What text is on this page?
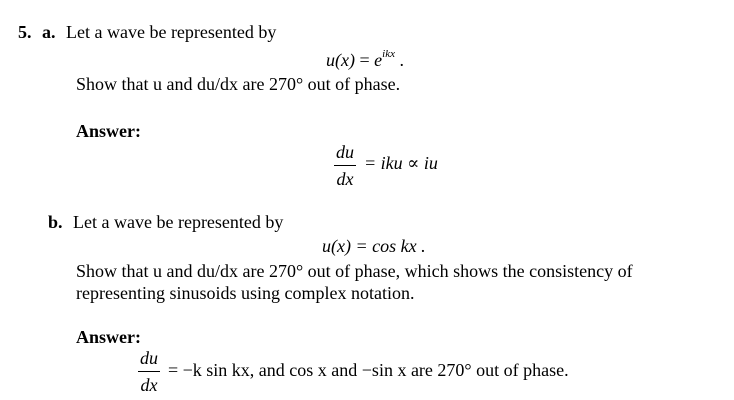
5. a. Let a wave be represented by
$u(x) = e^{ikx}$ .
Show that u and du/dx are 270° out of phase.
Answer:
du
dx
= iku ∝ iu
b. Let a wave be represented by
u(x) = cos kx .
Show that u and du/dx are 270° out of phase, which shows the consistency of
representing sinusoids using complex notation.
Answer:
du
dx
= −k sin kx, and cos x and −sin x are 270° out of phase.
